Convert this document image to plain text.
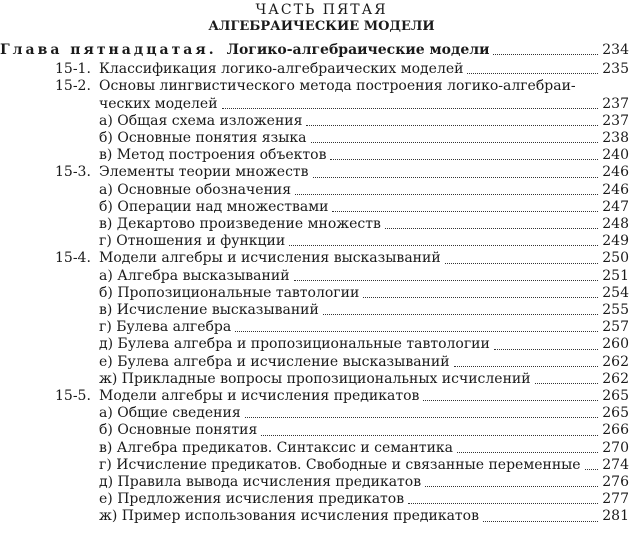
ЧАСТЬ ПЯТАЯ
АЛГЕБРАИЧЕСКИЕ МОДЕЛИ
Глава пятнадцатая. Логико-алгебраические модели	234
15-1. Классификация логико-алгебраических моделей	235
15-2. Основы лингвистического метода построения логико-алгебраи-
ческих моделей	237
а) Общая схема изложения	237
б) Основные понятия языка	238
в) Метод построения объектов	240
15-3. Элементы теории множеств	246
а) Основные обозначения	246
б) Операции над множествами	247
в) Декартово произведение множеств	248
г) Отношения и функции	249
15-4. Модели алгебры и исчисления высказываний	250
а) Алгебра высказываний	251
б) Пропозициональные тавтологии	254
в) Исчисление высказываний	255
г) Булева алгебра	257
д) Булева алгебра и пропозициональные тавтологии	260
е) Булева алгебра и исчисление высказываний	262
ж) Прикладные вопросы пропозициональных исчислений	262
15-5. Модели алгебры и исчисления предикатов	265
а) Общие сведения	265
б) Основные понятия	266
в) Алгебра предикатов. Синтаксис и семантика	270
г) Исчисление предикатов. Свободные и связанные переменные 274
д) Правила вывода исчисления предикатов	276
е) Предложения исчисления предикатов	277
ж) Пример использования исчисления предикатов	281
